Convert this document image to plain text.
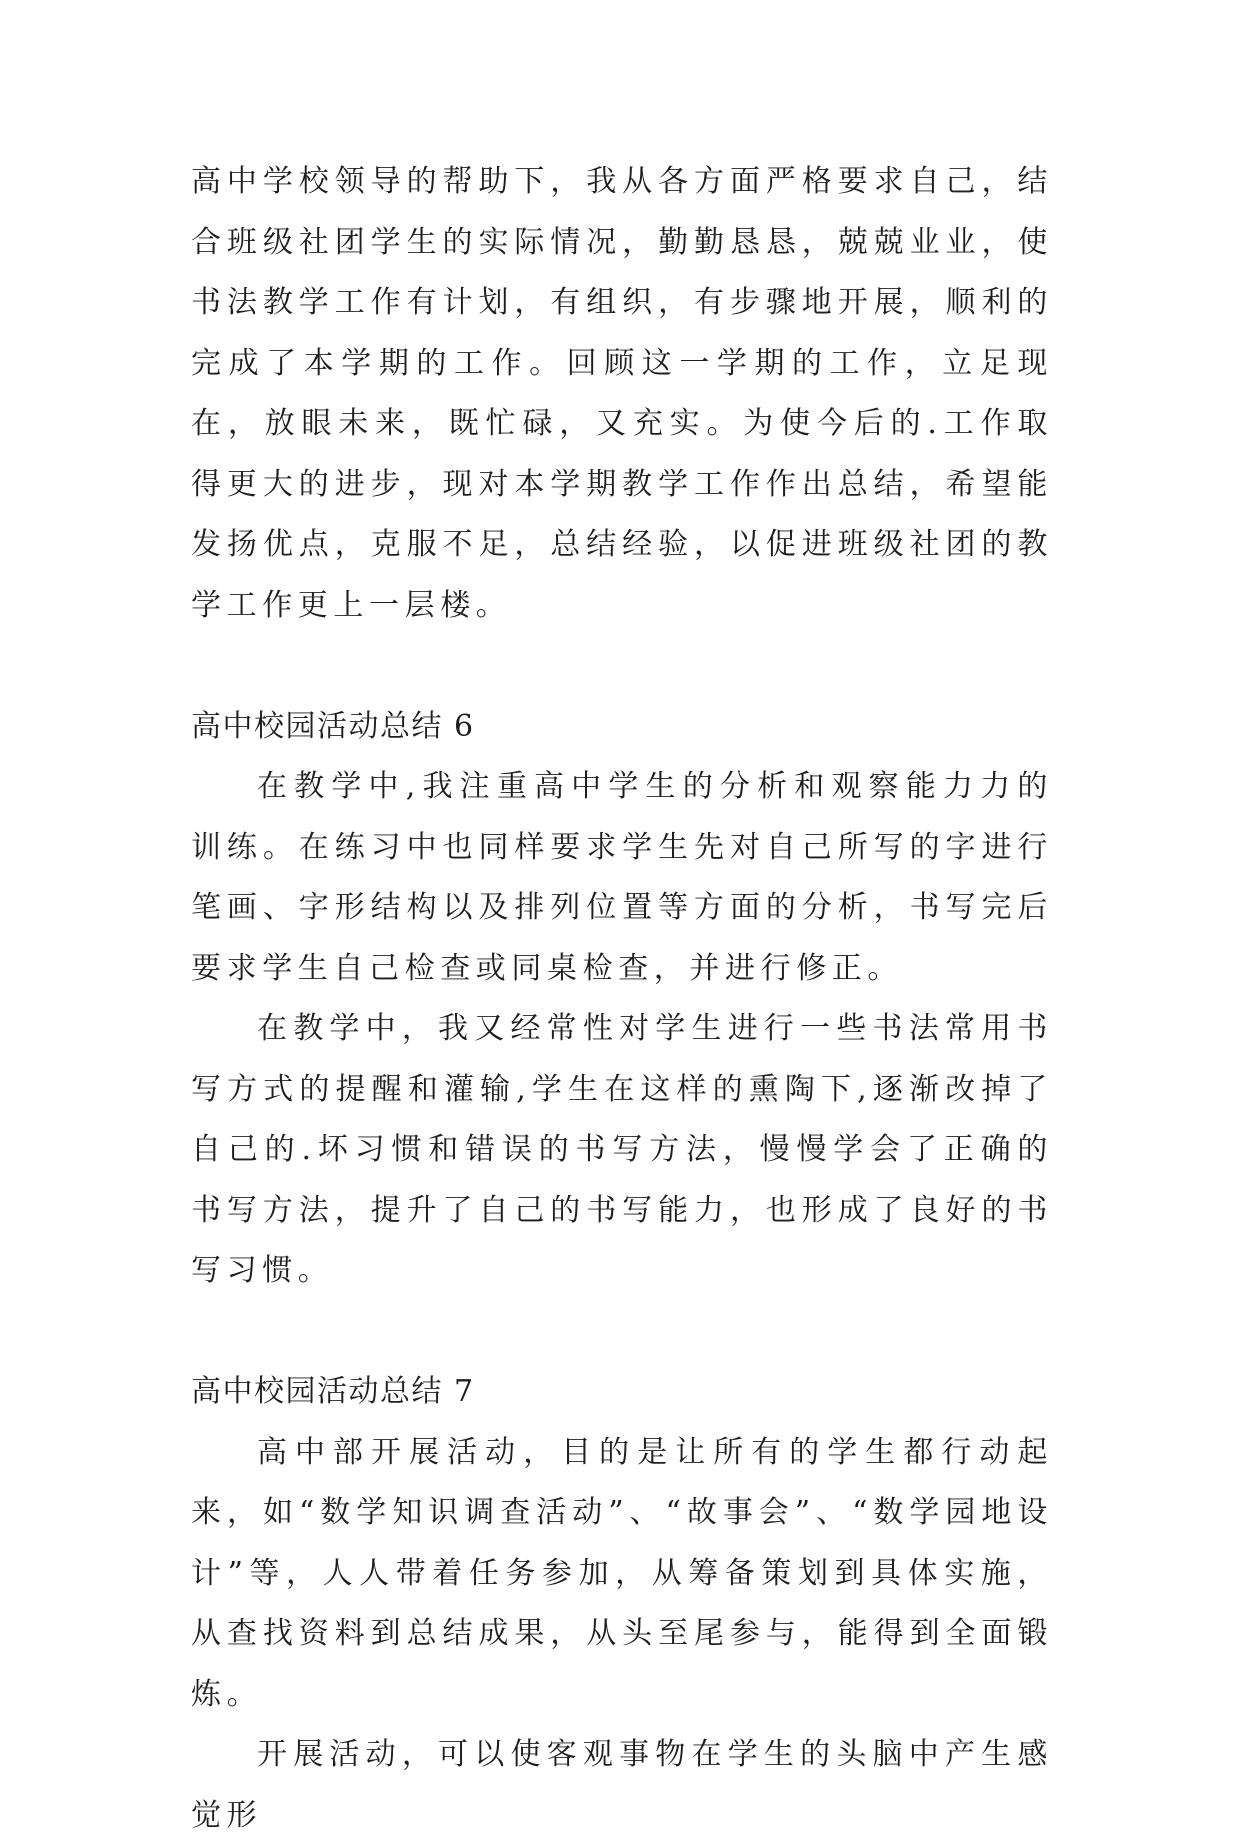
高中学校领导的帮助下，我从各方面严格要求自己，结合班级社团学生的实际情况，勤勤恳恳，兢兢业业，使书法教学工作有计划，有组织，有步骤地开展，顺利的完成了本学期的工作。回顾这一学期的工作，立足现在，放眼未来，既忙碌，又充实。为使今后的.工作取得更大的进步，现对本学期教学工作作出总结，希望能发扬优点，克服不足，总结经验，以促进班级社团的教学工作更上一层楼。

高中校园活动总结 6

在教学中,我注重高中学生的分析和观察能力力的训练。在练习中也同样要求学生先对自己所写的字进行笔画、字形结构以及排列位置等方面的分析，书写完后要求学生自己检查或同桌检查，并进行修正。

在教学中，我又经常性对学生进行一些书法常用书写方式的提醒和灌输,学生在这样的熏陶下,逐渐改掉了自己的.坏习惯和错误的书写方法，慢慢学会了正确的书写方法，提升了自己的书写能力，也形成了良好的书写习惯。

高中校园活动总结 7

高中部开展活动，目的是让所有的学生都行动起来，如“数学知识调查活动”、“故事会”、“数学园地设计”等，人人带着任务参加，从筹备策划到具体实施，从查找资料到总结成果，从头至尾参与，能得到全面锻炼。

开展活动，可以使客观事物在学生的头脑中产生感觉形
